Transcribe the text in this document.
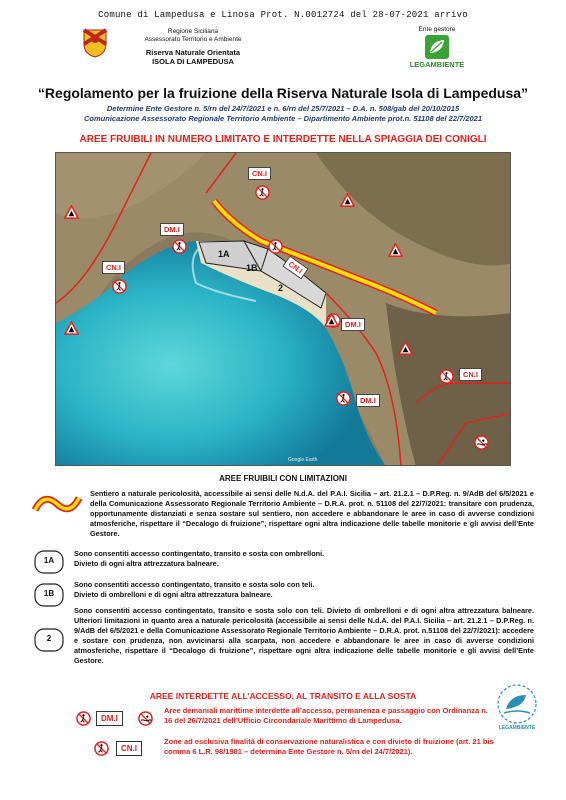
Comune di Lampedusa e Linosa Prot. N.0012724 del 28-07-2021 arrivo
Regione Siciliana
Assessorato Territorio e Ambiente
Riserva Naturale Orientata
ISOLA DI LAMPEDUSA
Ente gestore
LEGAMBIENTE
“Regolamento per la fruizione della Riserva Naturale Isola di Lampedusa”
Determine Ente Gestore n. 5/rn del 24/7/2021 e n. 6/rn del 25/7/2021 – D.A. n. 508/gab del 20/10/2015
Comunicazione Assessorato Regionale Territorio Ambiente – Dipartimento Ambiente prot.n. 51108 del 22/7/2021
AREE FRUIBILI IN NUMERO LIMITATO E INTERDETTE NELLA SPIAGGIA DEI CONIGLI
CN.I
DM.I
CN.I	CN.I
DM.I
CN.I
DM.I
1A
1B
2
Google Earth
AREE FRUIBILI CON LIMITAZIONI
Sentiero a naturale pericolosità, accessibile ai sensi delle N.d.A. del P.A.I. Sicilia – art. 21.2.1 – D.P.Reg. n. 9/AdB del 6/5/2021 e della Comunicazione Assessorato Regionale Territorio Ambiente – D.R.A. prot. n. 51108 del 22/7/2021: transitare con prudenza, opportunamente distanziati e senza sostare sul sentiero, non accedere e abbandonare le aree in caso di avverse condizioni atmosferiche, rispettare il “Decalogo di fruizione”, rispettare ogni altra indicazione delle tabelle monitorie e gli avvisi dell’Ente Gestore.
1A
Sono consentiti accesso contingentato, transito e sosta con ombrelloni.
Divieto di ogni altra attrezzatura balneare.
1B
Sono consentiti accesso contingentato, transito e sosta solo con teli.
Divieto di ombrelloni e di ogni altra attrezzatura balneare.
2
Sono consentiti accesso contingentato, transito e sosta solo con teli. Divieto di ombrelloni e di ogni altra attrezzatura balneare. Ulteriori limitazioni in quanto area a naturale pericolosità (accessibile ai sensi delle N.d.A. del P.A.I. Sicilia – art. 21.2.1 – D.P.Reg. n. 9/AdB del 6/5/2021 e della Comunicazione Assessorato Regionale Territorio Ambiente – D.R.A. prot. n.51108 del 22/7/2021): accedere e sostare con prudenza, non avvicinarsi alla scarpata, non accedere e abbandonare le aree in caso di avverse condizioni atmosferiche, rispettare il “Decalogo di fruizione”, rispettare ogni altra indicazione delle tabelle monitorie e gli avvisi dell’Ente Gestore.
AREE INTERDETTE ALL’ACCESSO, AL TRANSITO E ALLA SOSTA
DM.I
Aree demaniali marittime interdette all’accesso, permanenza e passaggio con Ordinanza n. 16 del 26/7/2021 dell’Ufficio Circondariale Marittimo di Lampedusa.
CN.I
Zone ad esclusiva finalità di conservazione naturalistica e con divieto di fruizione (art. 21 bis comma 6 L.R. 98/1981 – determina Ente Gestore n. 5/rn del 24/7/2021).
LEGAMBIENTE
